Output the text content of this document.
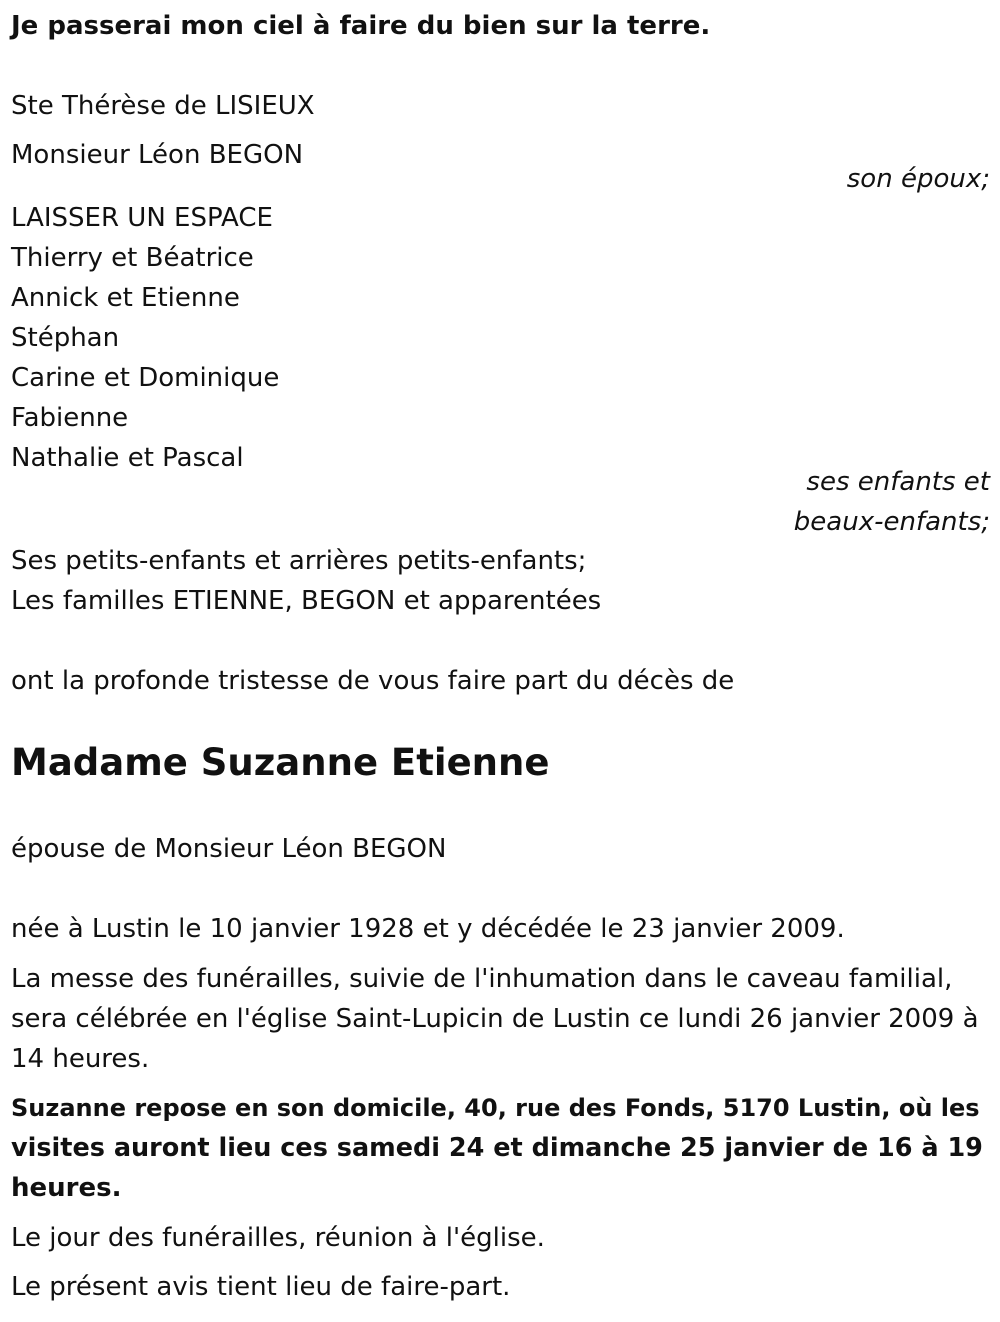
Je passerai mon ciel à faire du bien sur la terre.

Ste Thérèse de LISIEUX

Monsieur Léon BEGON

son époux;

LAISSER UN ESPACE

Thierry et Béatrice

Annick et Etienne

Stéphan

Carine et Dominique

Fabienne

Nathalie et Pascal

ses enfants et

beaux-enfants;

Ses petits-enfants et arrières petits-enfants;

Les familles ETIENNE, BEGON et apparentées

ont la profonde tristesse de vous faire part du décès de

Madame Suzanne Etienne

épouse de Monsieur Léon BEGON

née à Lustin le 10 janvier 1928 et y décédée le 23 janvier 2009.

La messe des funérailles, suivie de l'inhumation dans le caveau familial,

sera célébrée en l'église Saint-Lupicin de Lustin ce lundi 26 janvier 2009 à

14 heures.

Suzanne repose en son domicile, 40, rue des Fonds, 5170 Lustin, où les

visites auront lieu ces samedi 24 et dimanche 25 janvier de 16 à 19

heures.

Le jour des funérailles, réunion à l'église.

Le présent avis tient lieu de faire-part.
